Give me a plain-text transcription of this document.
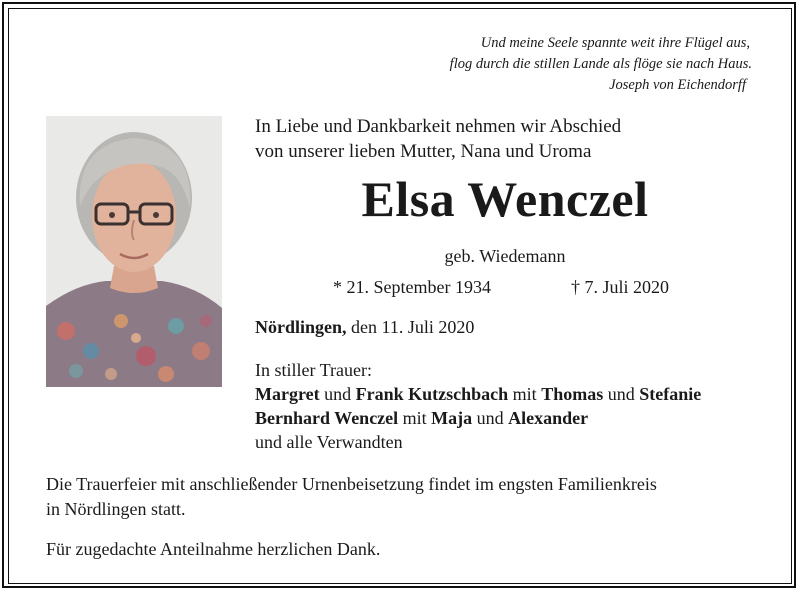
Und meine Seele spannte weit ihre Flügel aus,
flog durch die stillen Lande als flöge sie nach Haus.
Joseph von Eichendorff
In Liebe und Dankbarkeit nehmen wir Abschied
von unserer lieben Mutter, Nana und Uroma
Elsa Wenczel
geb. Wiedemann
* 21. September 1934	† 7. Juli 2020
Nördlingen, den 11. Juli 2020
In stiller Trauer:
Margret und Frank Kutzschbach mit Thomas und Stefanie
Bernhard Wenczel mit Maja und Alexander
und alle Verwandten
Die Trauerfeier mit anschließender Urnenbeisetzung findet im engsten Familienkreis
in Nördlingen statt.
Für zugedachte Anteilnahme herzlichen Dank.
